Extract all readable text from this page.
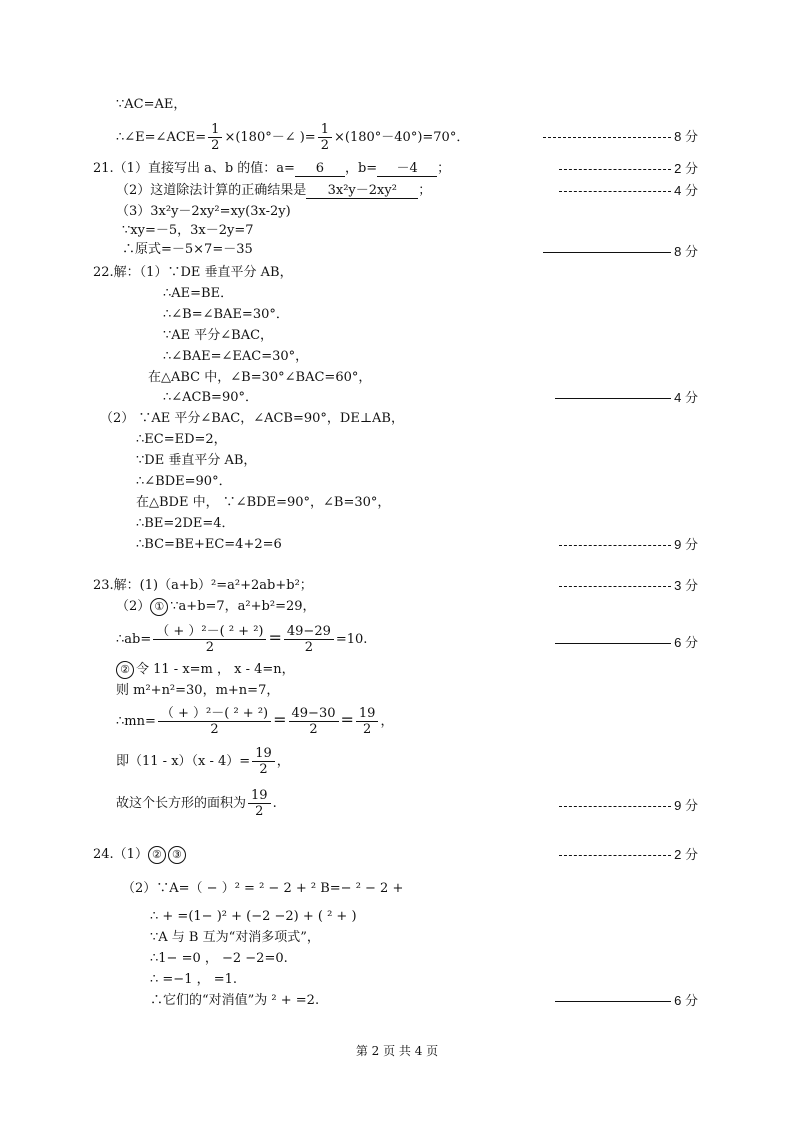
∵AC=AE，
∴∠E=∠ACE= $\frac{1}{2}$ ×(180°－∠ )= $\frac{1}{2} \times(180^\circ-40^\circ)=70^\circ$．	8 分
21.（1）直接写出 a、b 的值：a= 6 ，b= －4 ；	2 分
（2）这道除法计算的正确结果是 3x²y－2xy² ；	4 分
（3）3x²y－2xy²=xy(3x-2y)
∵xy=－5，3x－2y=7
∴原式=－5×7=－35	8 分
22.解：（1）∵DE 垂直平分 AB，
∴AE=BE．
∴∠B=∠BAE=30°．
∵AE 平分∠BAC，
∴∠BAE=∠EAC=30°，
在△ABC 中，∠B=30°∠BAC=60°，
∴∠ACB=90°．	4 分
（2） ∵AE 平分∠BAC，∠ACB=90°，DE⊥AB，
∴EC=ED=2，
∵DE 垂直平分 AB，
∴∠BDE=90°．
在△BDE 中， ∵∠BDE=90°，∠B=30°，
∴BE=2DE=4．
∴BC=BE+EC=4+2=6	9 分
23.解：(1)（a+b）²=a²+2ab+b²；	3 分
（2） ① ∵a+b=7，a²+b²=29，
∴ab= $\frac{\text{（ + ）²－( ² + ²)}}{2} = \frac{49-29}{2} =10$.	6 分
② 令 11 - x=m ， x - 4=n，
则 m²+n²=30，m+n=7，
∴mn= $\frac{\text{（ + ）²－( ² + ²)}}{2} = \frac{49-30}{2} = \frac{19}{2}$ ，
即$(11 - x)(x - 4)= \frac{19}{2}$ ，
故这个长方形的面积为 $\frac{19}{2}$ .	9 分
24.（1） ② ③	2 分
（2）∵A=（ − ）² = ² − 2 + ² B=− ² − 2 +
∴ + =(1− )² + (−2 −2) + ( ² + )
∵A 与 B 互为“对消多项式”，
∴1− =0 ， −2 −2=0.
∴ =−1 ， =1.
∴它们的“对消值”为 ² + =2.	6 分
第 2 页 共 4 页
